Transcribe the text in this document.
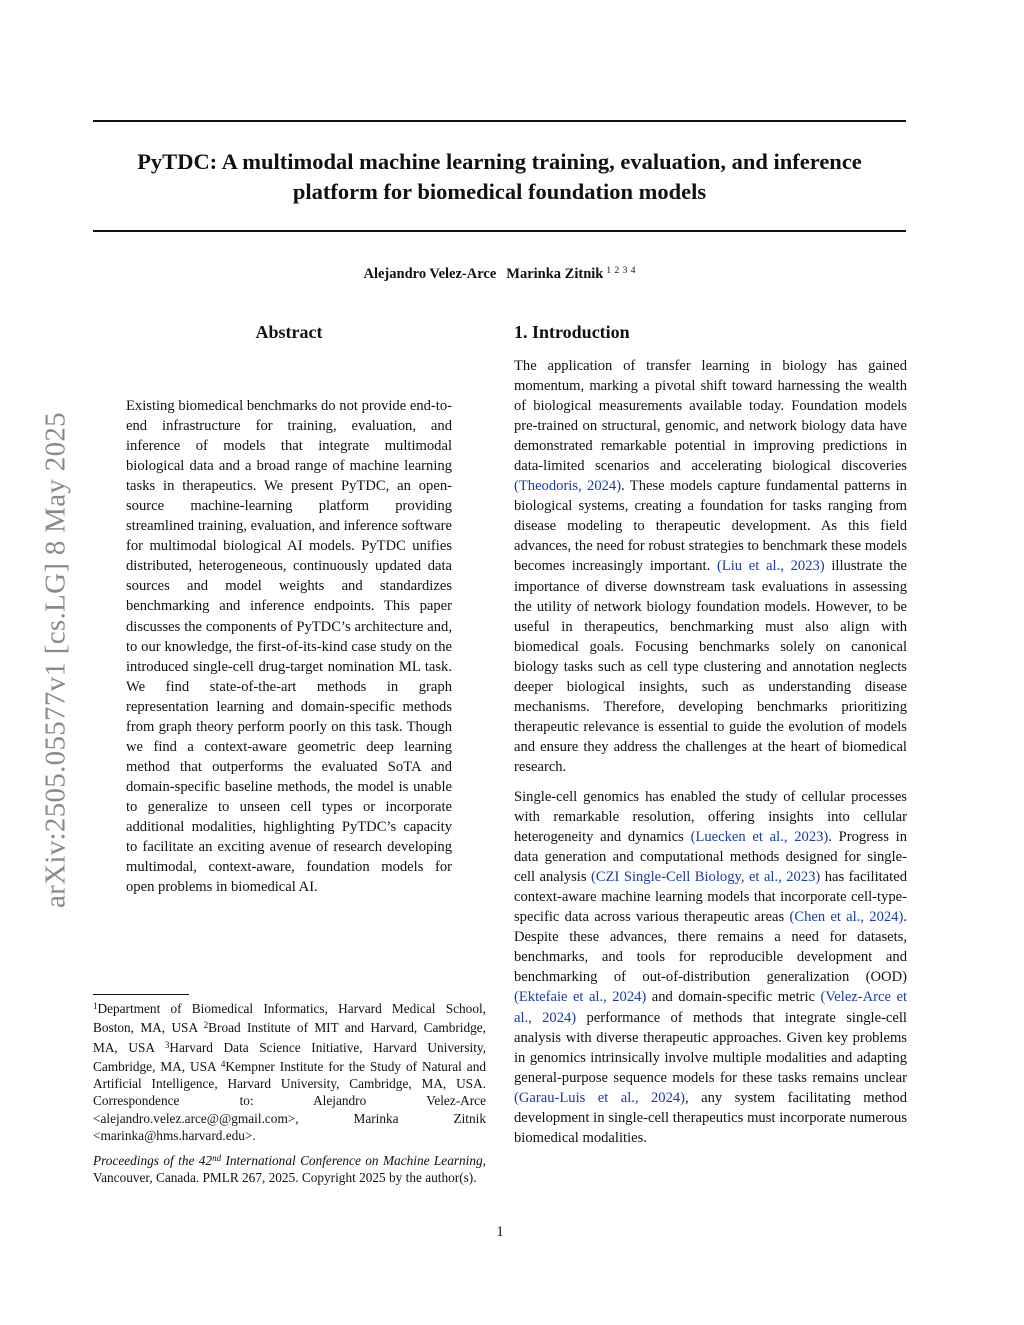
PyTDC: A multimodal machine learning training, evaluation, and inference
platform for biomedical foundation models
Alejandro Velez-Arce Marinka Zitnik $^{1 2 3 4}$
arXiv:2505.05577v1 [cs.LG] 8 May 2025
Abstract
Existing biomedical benchmarks do not provide end-to-end infrastructure for training, evaluation, and inference of models that integrate multimodal biological data and a broad range of machine learning tasks in therapeutics. We present PyTDC, an open-source machine-learning platform providing streamlined training, evaluation, and inference software for multimodal biological AI models. PyTDC unifies distributed, heterogeneous, continuously updated data sources and model weights and standardizes benchmarking and inference endpoints. This paper discusses the components of PyTDC’s architecture and, to our knowledge, the first-of-its-kind case study on the introduced single-cell drug-target nomination ML task. We find state-of-the-art methods in graph representation learning and domain-specific methods from graph theory perform poorly on this task. Though we find a context-aware geometric deep learning method that outperforms the evaluated SoTA and domain-specific baseline methods, the model is unable to generalize to unseen cell types or incorporate additional modalities, highlighting PyTDC’s capacity to facilitate an exciting avenue of research developing multimodal, context-aware, foundation models for open problems in biomedical AI.
1. Introduction

The application of transfer learning in biology has gained momentum, marking a pivotal shift toward harnessing the wealth of biological measurements available today. Foundation models pre-trained on structural, genomic, and network biology data have demonstrated remarkable potential in improving predictions in data-limited scenarios and accelerating biological discoveries (Theodoris, 2024). These models capture fundamental patterns in biological systems, creating a foundation for tasks ranging from disease modeling to therapeutic development. As this field advances, the need for robust strategies to benchmark these models becomes increasingly important. (Liu et al., 2023) illustrate the importance of diverse downstream task evaluations in assessing the utility of network biology foundation models. However, to be useful in therapeutics, benchmarking must also align with biomedical goals. Focusing benchmarks solely on canonical biology tasks such as cell type clustering and annotation neglects deeper biological insights, such as understanding disease mechanisms. Therefore, developing benchmarks prioritizing therapeutic relevance is essential to guide the evolution of models and ensure they address the challenges at the heart of biomedical research.

Single-cell genomics has enabled the study of cellular processes with remarkable resolution, offering insights into cellular heterogeneity and dynamics (Luecken et al., 2023). Progress in data generation and computational methods designed for single-cell analysis (CZI Single-Cell Biology, et al., 2023) has facilitated context-aware machine learning models that incorporate cell-type-specific data across various therapeutic areas (Chen et al., 2024). Despite these advances, there remains a need for datasets, benchmarks, and tools for reproducible development and benchmarking of out-of-distribution generalization (OOD) (Ektefaie et al., 2024) and domain-specific metric (Velez-Arce et al., 2024) performance of methods that integrate single-cell analysis with diverse therapeutic approaches. Given key problems in genomics intrinsically involve multiple modalities and adapting general-purpose sequence models for these tasks remains unclear (Garau-Luis et al., 2024), any system facilitating method development in single-cell therapeutics must incorporate numerous biomedical modalities.

$^1$Department of Biomedical Informatics, Harvard Medical School, Boston, MA, USA $^2$Broad Institute of MIT and Harvard, Cambridge, MA, USA $^3$Harvard Data Science Initiative, Harvard University, Cambridge, MA, USA $^4$Kempner Institute for the Study of Natural and Artificial Intelligence, Harvard University, Cambridge, MA, USA. Correspondence to: Alejandro Velez-Arce <alejandro.velez.arce@@gmail.com>, Marinka Zitnik <marinka@hms.harvard.edu>.
Proceedings of the 42nd International Conference on Machine Learning, Vancouver, Canada. PMLR 267, 2025. Copyright 2025 by the author(s).
1
